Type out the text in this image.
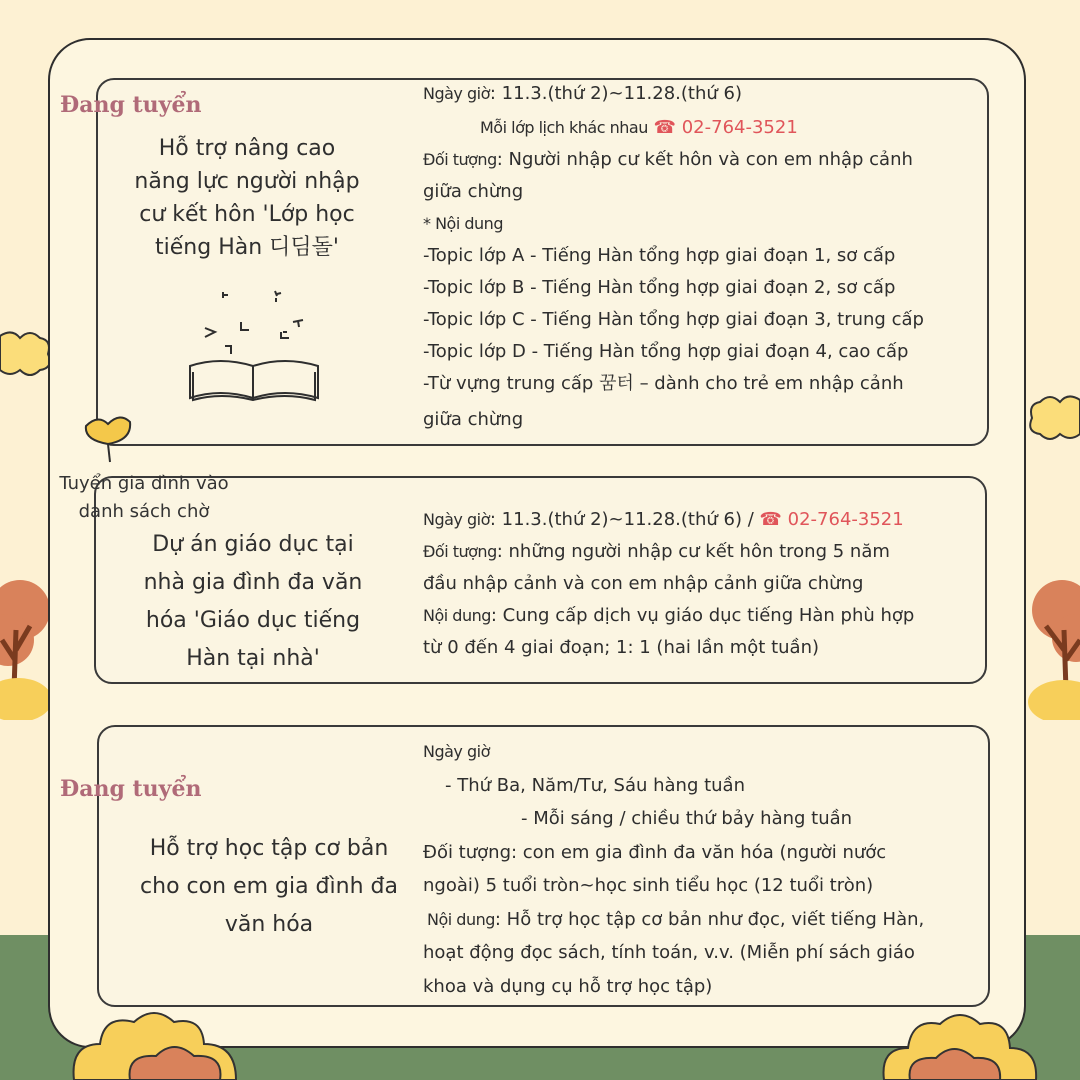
Đang tuyển
Hỗ trợ nâng cao năng lực người nhập cư kết hôn 'Lớp học tiếng Hàn 디딤돌'
Ngày giờ: 11.3.(thứ 2)~11.28.(thứ 6)
Mỗi lớp lịch khác nhau ☎ 02-764-3521
Đối tượng: Người nhập cư kết hôn và con em nhập cảnh
giữa chừng
* Nội dung
-Topic lớp A - Tiếng Hàn tổng hợp giai đoạn 1, sơ cấp
-Topic lớp B - Tiếng Hàn tổng hợp giai đoạn 2, sơ cấp
-Topic lớp C - Tiếng Hàn tổng hợp giai đoạn 3, trung cấp
-Topic lớp D - Tiếng Hàn tổng hợp giai đoạn 4, cao cấp
-Từ vựng trung cấp 꿈터 – dành cho trẻ em nhập cảnh
giữa chừng
Tuyển gia đình vào danh sách chờ
Dự án giáo dục tại nhà gia đình đa văn hóa 'Giáo dục tiếng Hàn tại nhà'
Ngày giờ: 11.3.(thứ 2)~11.28.(thứ 6) / ☎ 02-764-3521
Đối tượng: những người nhập cư kết hôn trong 5 năm
đầu nhập cảnh và con em nhập cảnh giữa chừng
Nội dung: Cung cấp dịch vụ giáo dục tiếng Hàn phù hợp
từ 0 đến 4 giai đoạn; 1: 1 (hai lần một tuần)
Đang tuyển
Hỗ trợ học tập cơ bản cho con em gia đình đa văn hóa
Ngày giờ
- Thứ Ba, Năm/Tư, Sáu hàng tuần
- Mỗi sáng / chiều thứ bảy hàng tuần
Đối tượng: con em gia đình đa văn hóa (người nước
ngoài) 5 tuổi tròn~học sinh tiểu học (12 tuổi tròn)
Nội dung: Hỗ trợ học tập cơ bản như đọc, viết tiếng Hàn,
hoạt động đọc sách, tính toán, v.v. (Miễn phí sách giáo
khoa và dụng cụ hỗ trợ học tập)
